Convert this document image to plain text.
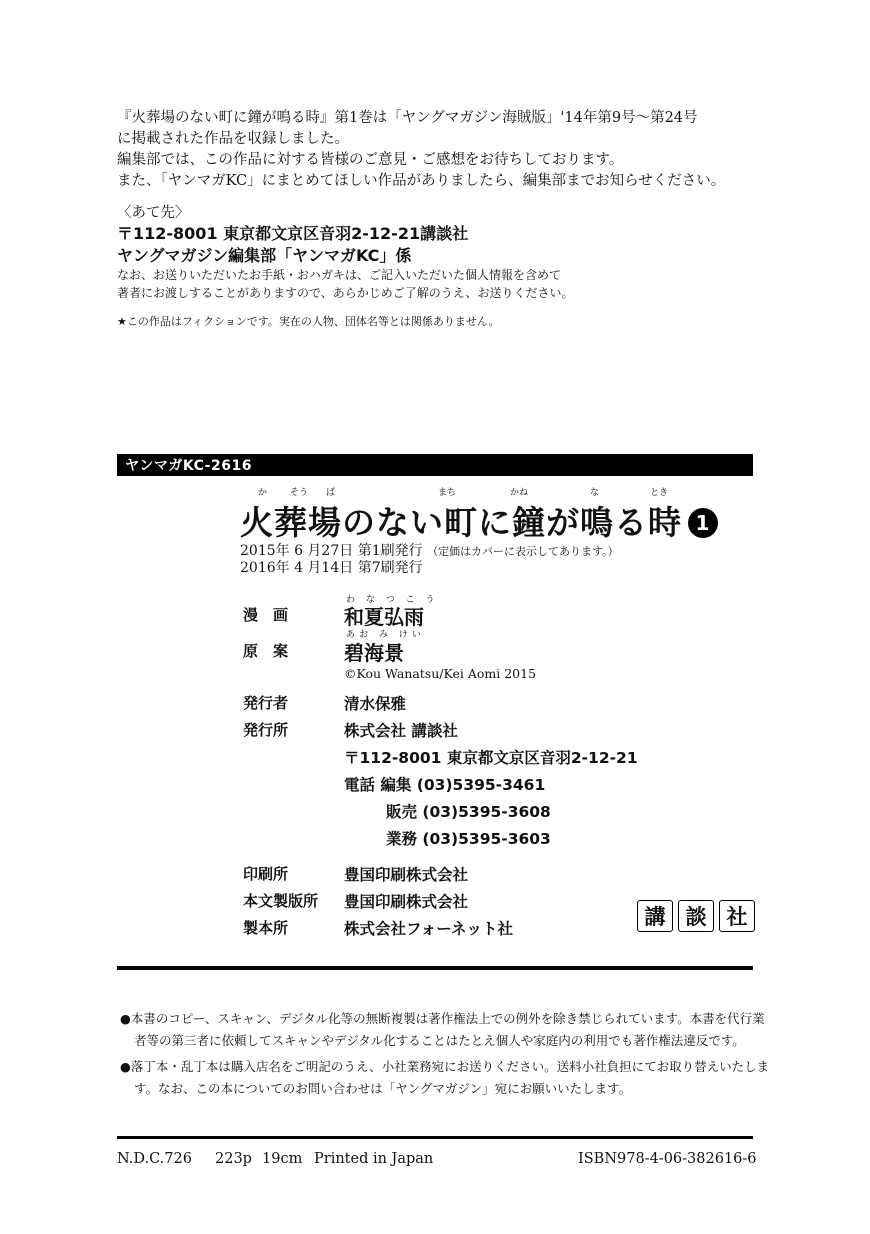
『火葬場のない町に鐘が鳴る時』第1巻は「ヤングマガジン海賊版」'14年第9号～第24号
に掲載された作品を収録しました。
編集部では、この作品に対する皆様のご意見・ご感想をお待ちしております。
また、「ヤンマガKC」にまとめてほしい作品がありましたら、編集部までお知らせください。
〈あて先〉
〒112-8001 東京都文京区音羽2-12-21講談社
ヤングマガジン編集部「ヤンマガKC」係
なお、お送りいただいたお手紙・おハガキは、ご記入いただいた個人情報を含めて
著者にお渡しすることがありますので、あらかじめご了解のうえ、お送りください。
★この作品はフィクションです。実在の人物、団体名等とは関係ありません。
ヤンマガKC-2616
か	そう ば	まち	かね	な	とき
火葬場のない町に鐘が鳴る時 1
2015年 6 月27日 第1刷発行 （定価はカバーに表示してあります。）
2016年 4 月14日 第7刷発行
わ な つ こ う
漫　画	和夏弘雨
あお み けい
原　案	碧海景
©Kou Wanatsu/Kei Aomi 2015
発行者	清水保雅
発行所	株式会社 講談社
〒112-8001 東京都文京区音羽2-12-21
電話 編集 (03)5395-3461
販売 (03)5395-3608
業務 (03)5395-3603
印刷所	豊国印刷株式会社
本文製版所 豊国印刷株式会社
製本所	株式会社フォーネット社	講 談 社
●本書のコピー、スキャン、デジタル化等の無断複製は著作権法上での例外を除き禁じられています。本書を代行業
者等の第三者に依頼してスキャンやデジタル化することはたとえ個人や家庭内の利用でも著作権法違反です。
●落丁本・乱丁本は購入店名をご明記のうえ、小社業務宛にお送りください。送料小社負担にてお取り替えいたしま
す。なお、この本についてのお問い合わせは「ヤングマガジン」宛にお願いいたします。
N.D.C.726 223p 19cm Printed in Japan	ISBN978-4-06-382616-6
